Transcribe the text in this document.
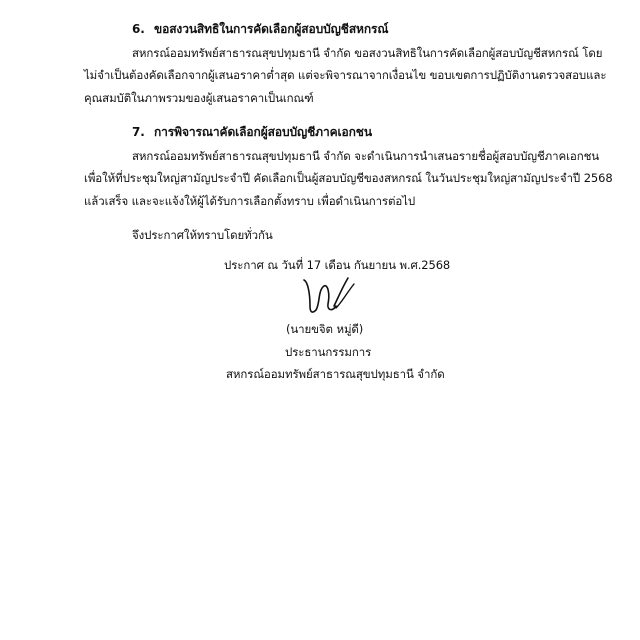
6. ขอสงวนสิทธิในการคัดเลือกผู้สอบบัญชีสหกรณ์
สหกรณ์ออมทรัพย์สาธารณสุขปทุมธานี จำกัด ขอสงวนสิทธิในการคัดเลือกผู้สอบบัญชีสหกรณ์ โดย
ไม่จำเป็นต้องคัดเลือกจากผู้เสนอราคาต่ำสุด แต่จะพิจารณาจากเงื่อนไข ขอบเขตการปฏิบัติงานตรวจสอบและ
คุณสมบัติในภาพรวมของผู้เสนอราคาเป็นเกณฑ์
7. การพิจารณาคัดเลือกผู้สอบบัญชีภาคเอกชน
สหกรณ์ออมทรัพย์สาธารณสุขปทุมธานี จำกัด จะดำเนินการนำเสนอรายชื่อผู้สอบบัญชีภาคเอกชน
เพื่อให้ที่ประชุมใหญ่สามัญประจำปี คัดเลือกเป็นผู้สอบบัญชีของสหกรณ์ ในวันประชุมใหญ่สามัญประจำปี 2568
แล้วเสร็จ และจะแจ้งให้ผู้ได้รับการเลือกตั้งทราบ เพื่อดำเนินการต่อไป
จึงประกาศให้ทราบโดยทั่วกัน
ประกาศ ณ วันที่ 17 เดือน กันยายน พ.ศ.2568
(นายขจิต หมู่ดี)
ประธานกรรมการ
สหกรณ์ออมทรัพย์สาธารณสุขปทุมธานี จำกัด
